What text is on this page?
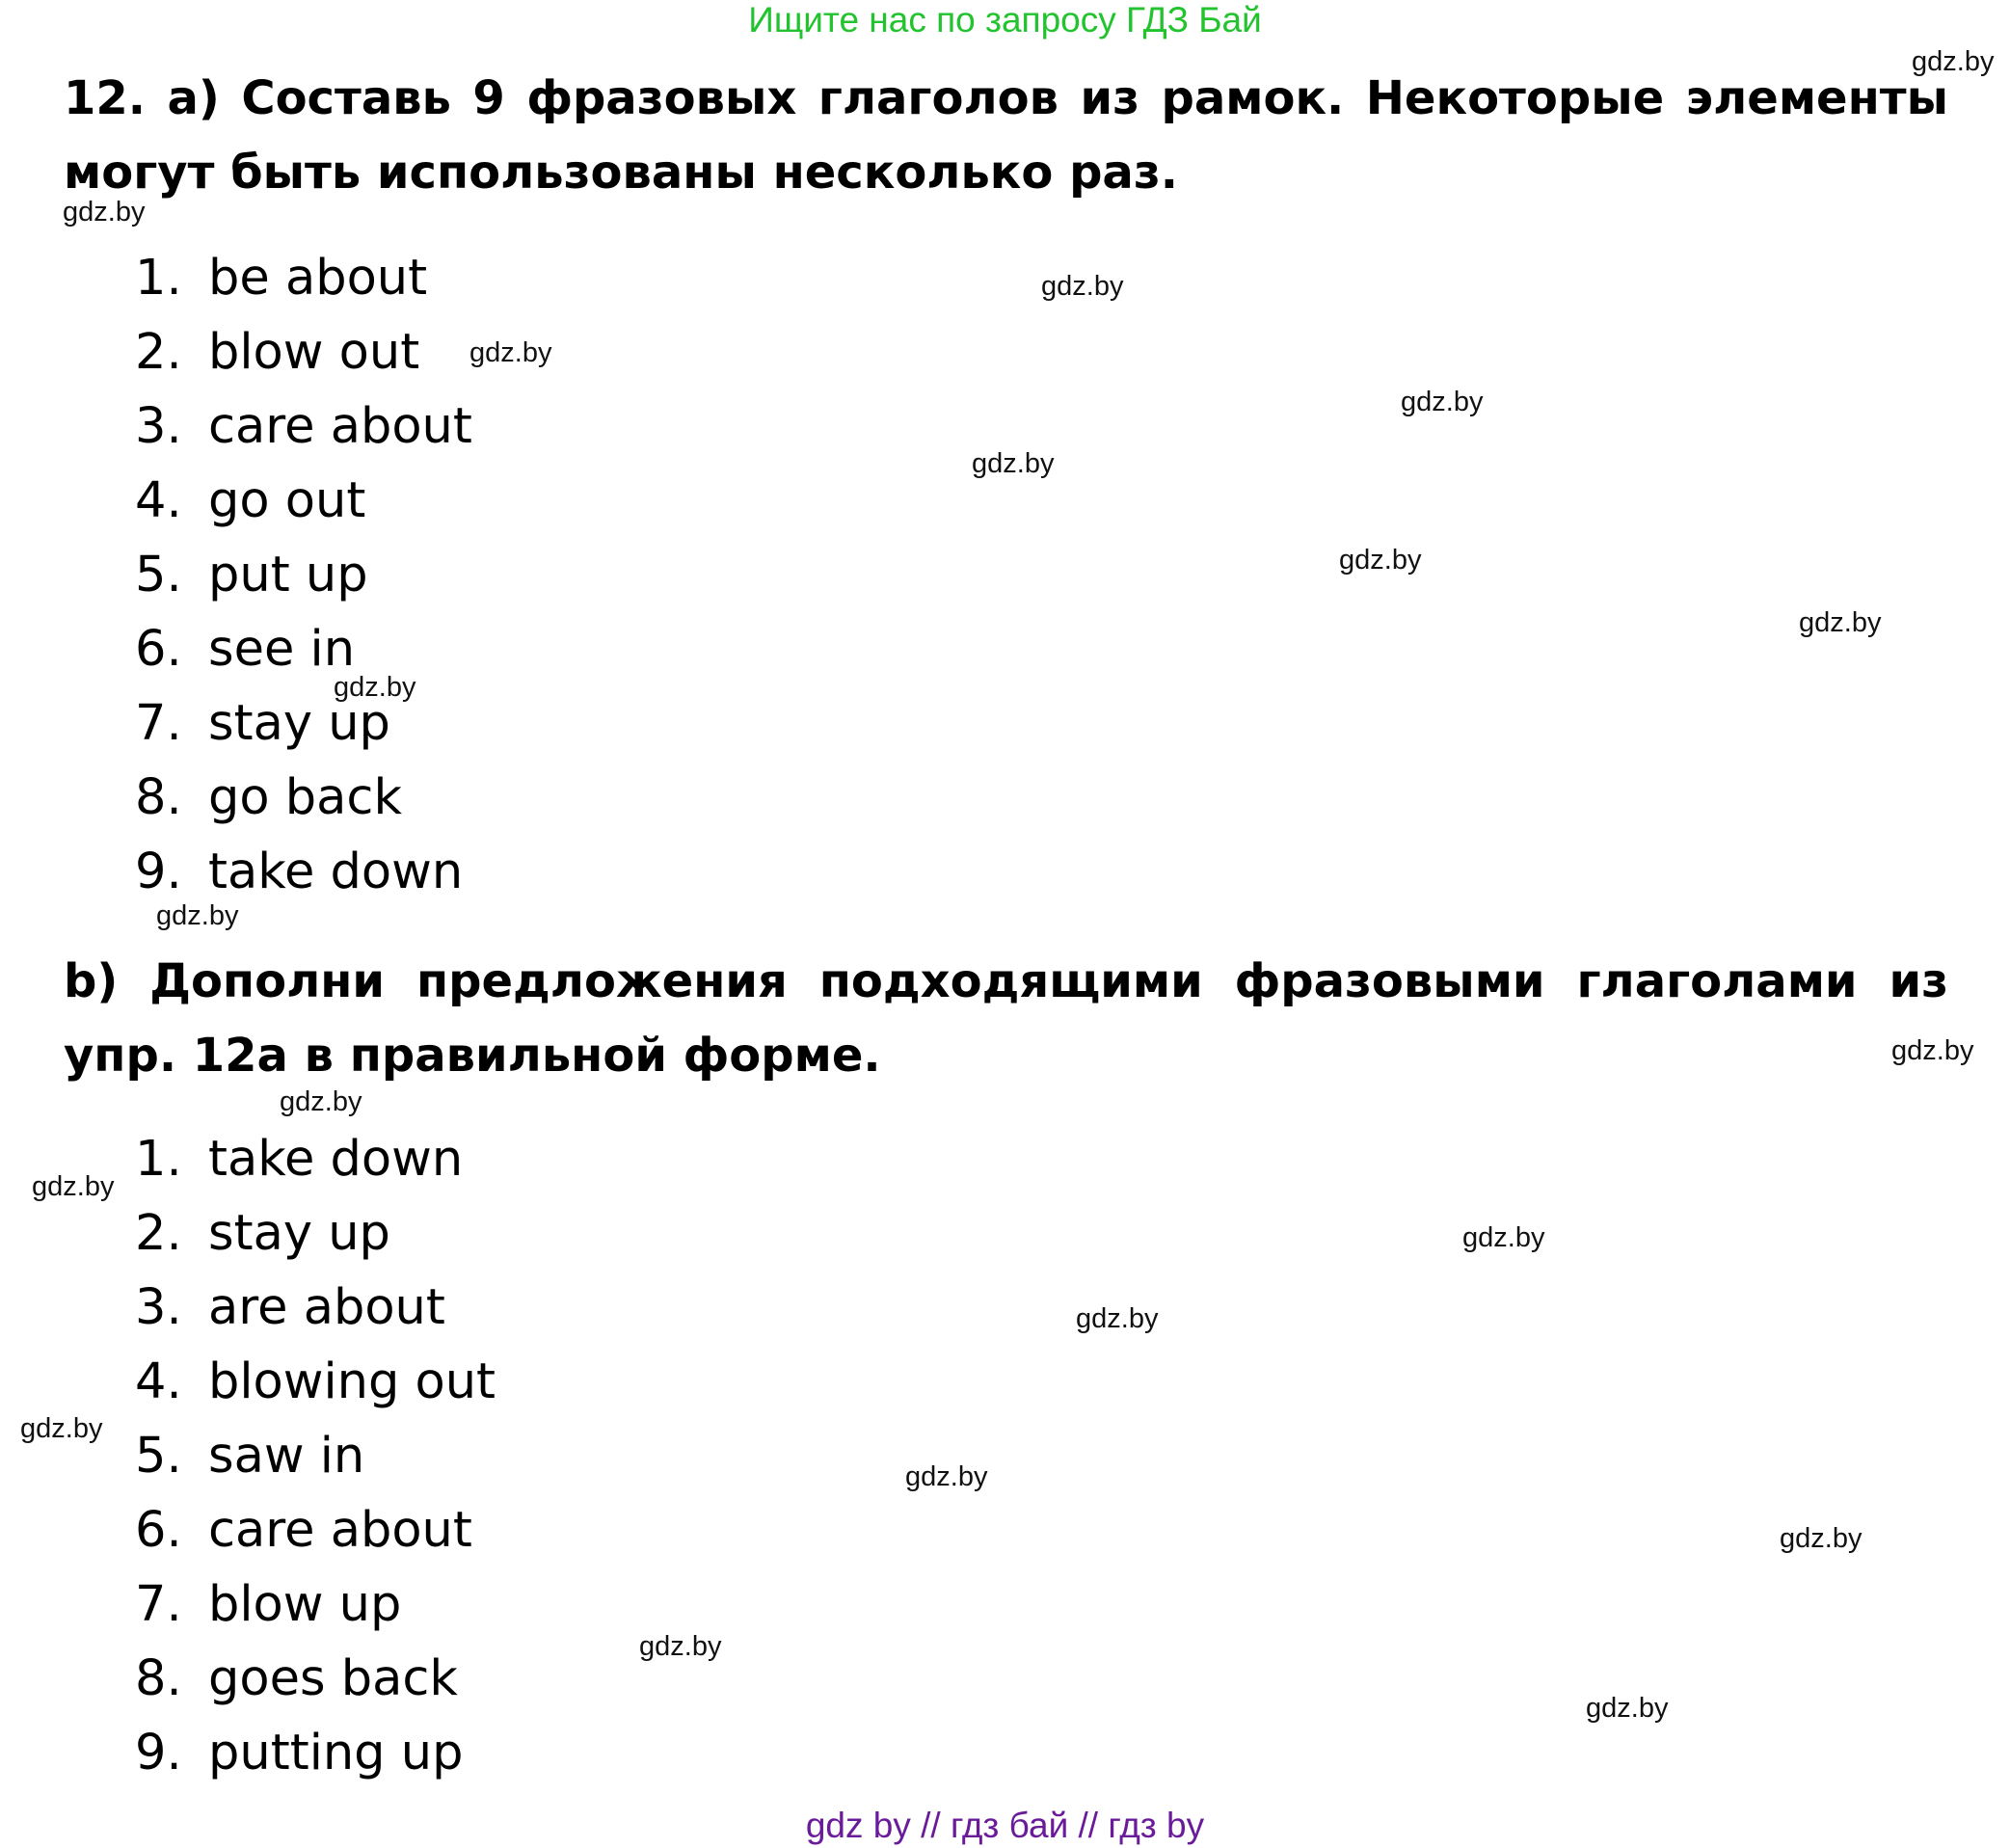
Ищите нас по запросу ГДЗ Бай
12. a) Составь 9 фразовых глаголов из рамок. Некоторые элементы могут быть использованы несколько раз.
1. be about
2. blow out
3. care about
4. go out
5. put up
6. see in
7. stay up
8. go back
9. take down
b) Дополни предложения подходящими фразовыми глаголами из упр. 12a в правильной форме.
1. take down
2. stay up
3. are about
4. blowing out
5. saw in
6. care about
7. blow up
8. goes back
9. putting up
gdz.by
gdz.by
gdz.by
gdz.by
gdz.by
gdz.by
gdz.by
gdz.by
gdz.by
gdz.by
gdz.by
gdz.by
gdz.by
gdz.by
gdz.by
gdz.by
gdz.by
gdz.by
gdz.by
gdz.by
gdz by // гдз бай // гдз by
